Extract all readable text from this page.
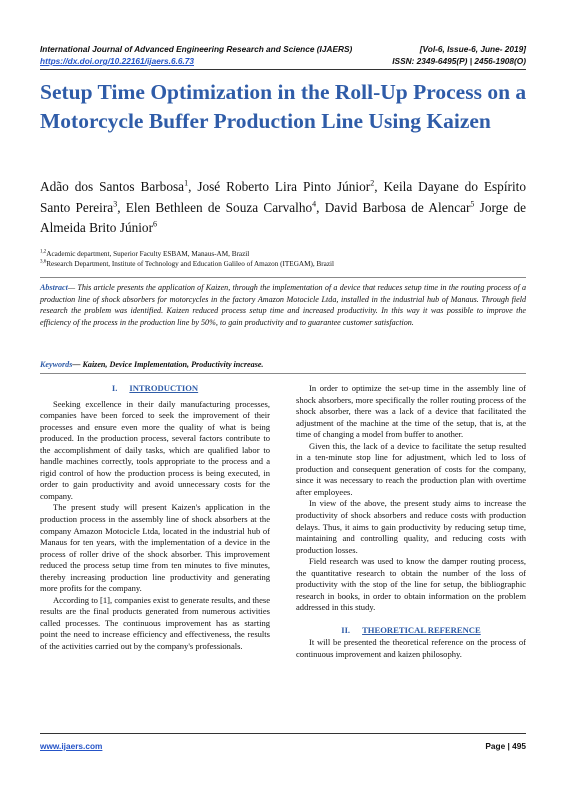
International Journal of Advanced Engineering Research and Science (IJAERS)	[Vol-6, Issue-6, June- 2019]
https://dx.doi.org/10.22161/ijaers.6.6.73	ISSN: 2349-6495(P) | 2456-1908(O)
Setup Time Optimization in the Roll-Up Process on a Motorcycle Buffer Production Line Using Kaizen
Adão dos Santos Barbosa$^1$, José Roberto Lira Pinto Júnior$^2$, Keila Dayane do Espírito Santo Pereira$^3$, Elen Bethleen de Souza Carvalho$^4$, David Barbosa de Alencar$^5$ Jorge de Almeida Brito Júnior$^6$
$^{1,2}$Academic department, Superior Faculty ESBAM, Manaus-AM, Brazil
$^{3,6}$Research Department, Institute of Technology and Education Galileo of Amazon (ITEGAM), Brazil

Abstract— This article presents the application of Kaizen, through the implementation of a device that reduces setup time in the routing process of a production line of shock absorbers for motorcycles in the factory Amazon Motocicle Ltda, installed in the industrial hub of Manaus. Through field research the problem was identified. Kaizen reduced process setup time and increased productivity. In this way it was possible to improve the efficiency of the process in the production line by 50%, to gain productivity and to guarantee customer satisfaction.

Keywords— Kaizen, Device Implementation, Productivity increase.

I. INTRODUCTION

Seeking excellence in their daily manufacturing processes, companies have been forced to seek the improvement of their processes and ensure even more the quality of what is being produced. In the production process, several factors contribute to the accomplishment of daily tasks, which are qualified labor to handle machines correctly, tools appropriate to the process and a rigid control of how the production process is being executed, in order to gain productivity and avoid unnecessary costs for the company.

The present study will present Kaizen's application in the production process in the assembly line of shock absorbers at the company Amazon Motocicle Ltda, located in the industrial hub of Manaus for ten years, with the implementation of a device in the process of roller drive of the shock absorber. This improvement reduced the process setup time from ten minutes to five minutes, thereby increasing production line productivity and generating more profits for the company.

According to [1], companies exist to generate results, and these results are the final products generated from numerous activities called processes. The continuous improvement has as starting point the need to increase efficiency and effectiveness, the results of the activities carried out by the company's professionals.

In order to optimize the set-up time in the assembly line of shock absorbers, more specifically the roller routing process of the shock absorber, there was a lack of a device that facilitated the adjustment of the machine at the time of the setup, that is, at the time of changing a model from buffer to another.

Given this, the lack of a device to facilitate the setup resulted in a ten-minute stop line for adjustment, which led to loss of production and consequent generation of costs for the company, since it was necessary to reach the production plan with overtime after employees.

In view of the above, the present study aims to increase the productivity of shock absorbers and reduce costs with production delays. Thus, it aims to gain productivity by reducing setup time, maintaining and controlling quality, and reducing costs with production losses.

Field research was used to know the damper routing process, the quantitative research to obtain the number of the loss of productivity with the stop of the line for setup, the bibliographic research in books, in order to obtain information on the problem addressed in this study.

II. THEORETICAL REFERENCE

It will be presented the theoretical reference on the process of continuous improvement and kaizen philosophy.

www.ijaers.com	Page | 495
